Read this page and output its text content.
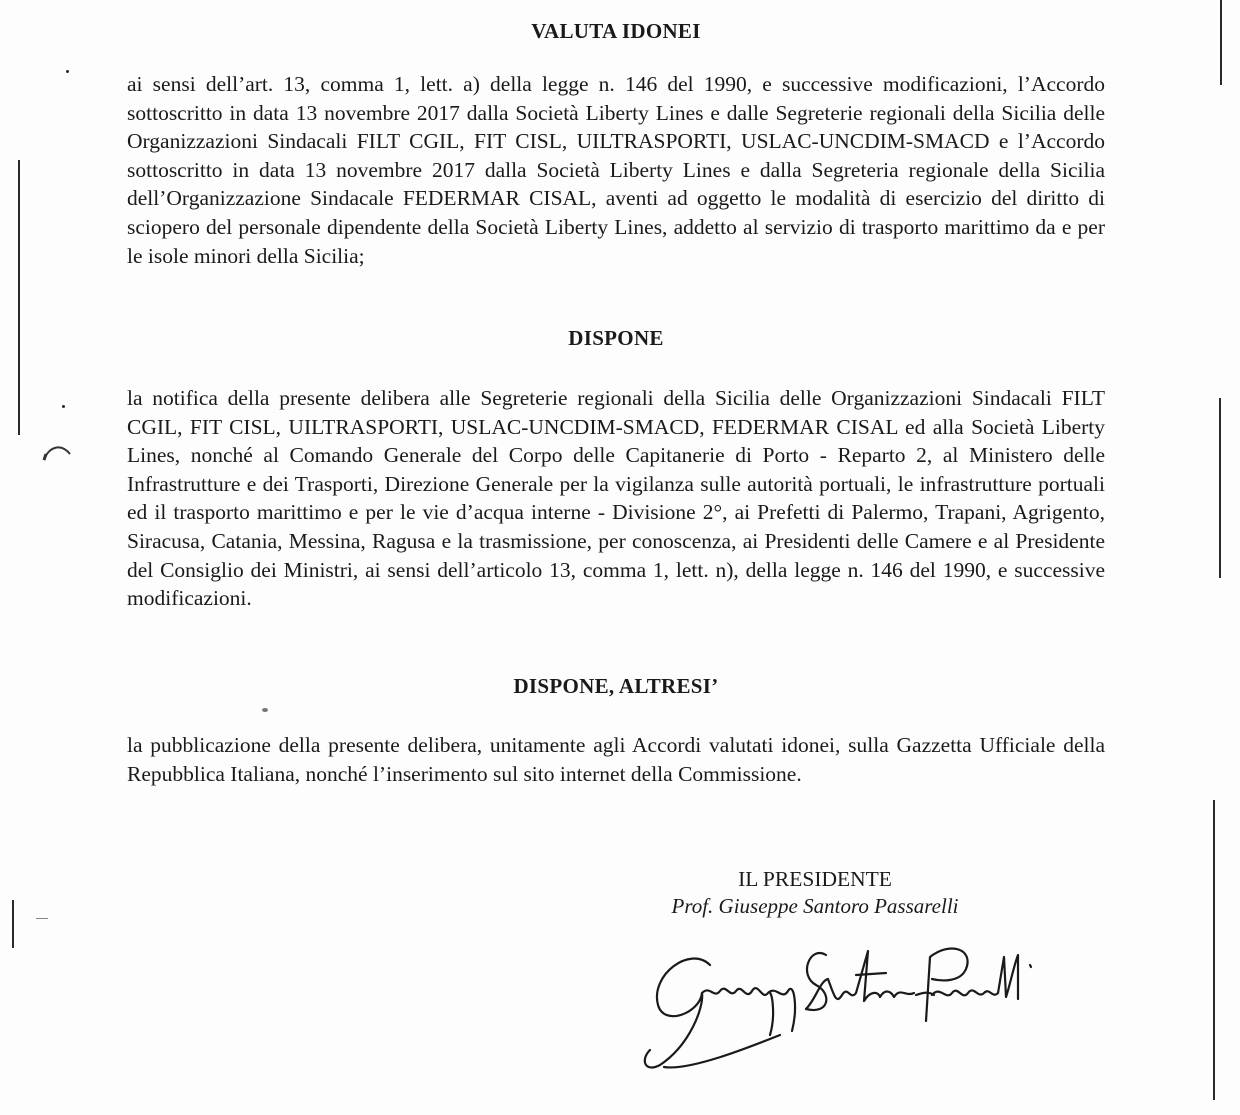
VALUTA IDONEI

ai sensi dell’art. 13, comma 1, lett. a) della legge n. 146 del 1990, e successive modificazioni, l’Accordo sottoscritto in data 13 novembre 2017 dalla Società Liberty Lines e dalle Segreterie regionali della Sicilia delle Organizzazioni Sindacali FILT CGIL, FIT CISL, UILTRASPORTI, USLAC-UNCDIM-SMACD e l’Accordo sottoscritto in data 13 novembre 2017 dalla Società Liberty Lines e dalla Segreteria regionale della Sicilia dell’Organizzazione Sindacale FEDERMAR CISAL, aventi ad oggetto le modalità di esercizio del diritto di sciopero del personale dipendente della Società Liberty Lines, addetto al servizio di trasporto marittimo da e per le isole minori della Sicilia;

DISPONE

la notifica della presente delibera alle Segreterie regionali della Sicilia delle Organizzazioni Sindacali FILT CGIL, FIT CISL, UILTRASPORTI, USLAC-UNCDIM-SMACD, FEDERMAR CISAL ed alla Società Liberty Lines, nonché al Comando Generale del Corpo delle Capitanerie di Porto - Reparto 2, al Ministero delle Infrastrutture e dei Trasporti, Direzione Generale per la vigilanza sulle autorità portuali, le infrastrutture portuali ed il trasporto marittimo e per le vie d’acqua interne - Divisione 2°, ai Prefetti di Palermo, Trapani, Agrigento, Siracusa, Catania, Messina, Ragusa e la trasmissione, per conoscenza, ai Presidenti delle Camere e al Presidente del Consiglio dei Ministri, ai sensi dell’articolo 13, comma 1, lett. n), della legge n. 146 del 1990, e successive modificazioni.

DISPONE, ALTRESI’

la pubblicazione della presente delibera, unitamente agli Accordi valutati idonei, sulla Gazzetta Ufficiale della Repubblica Italiana, nonché l’inserimento sul sito internet della Commissione.

IL PRESIDENTE
Prof. Giuseppe Santoro Passarelli
